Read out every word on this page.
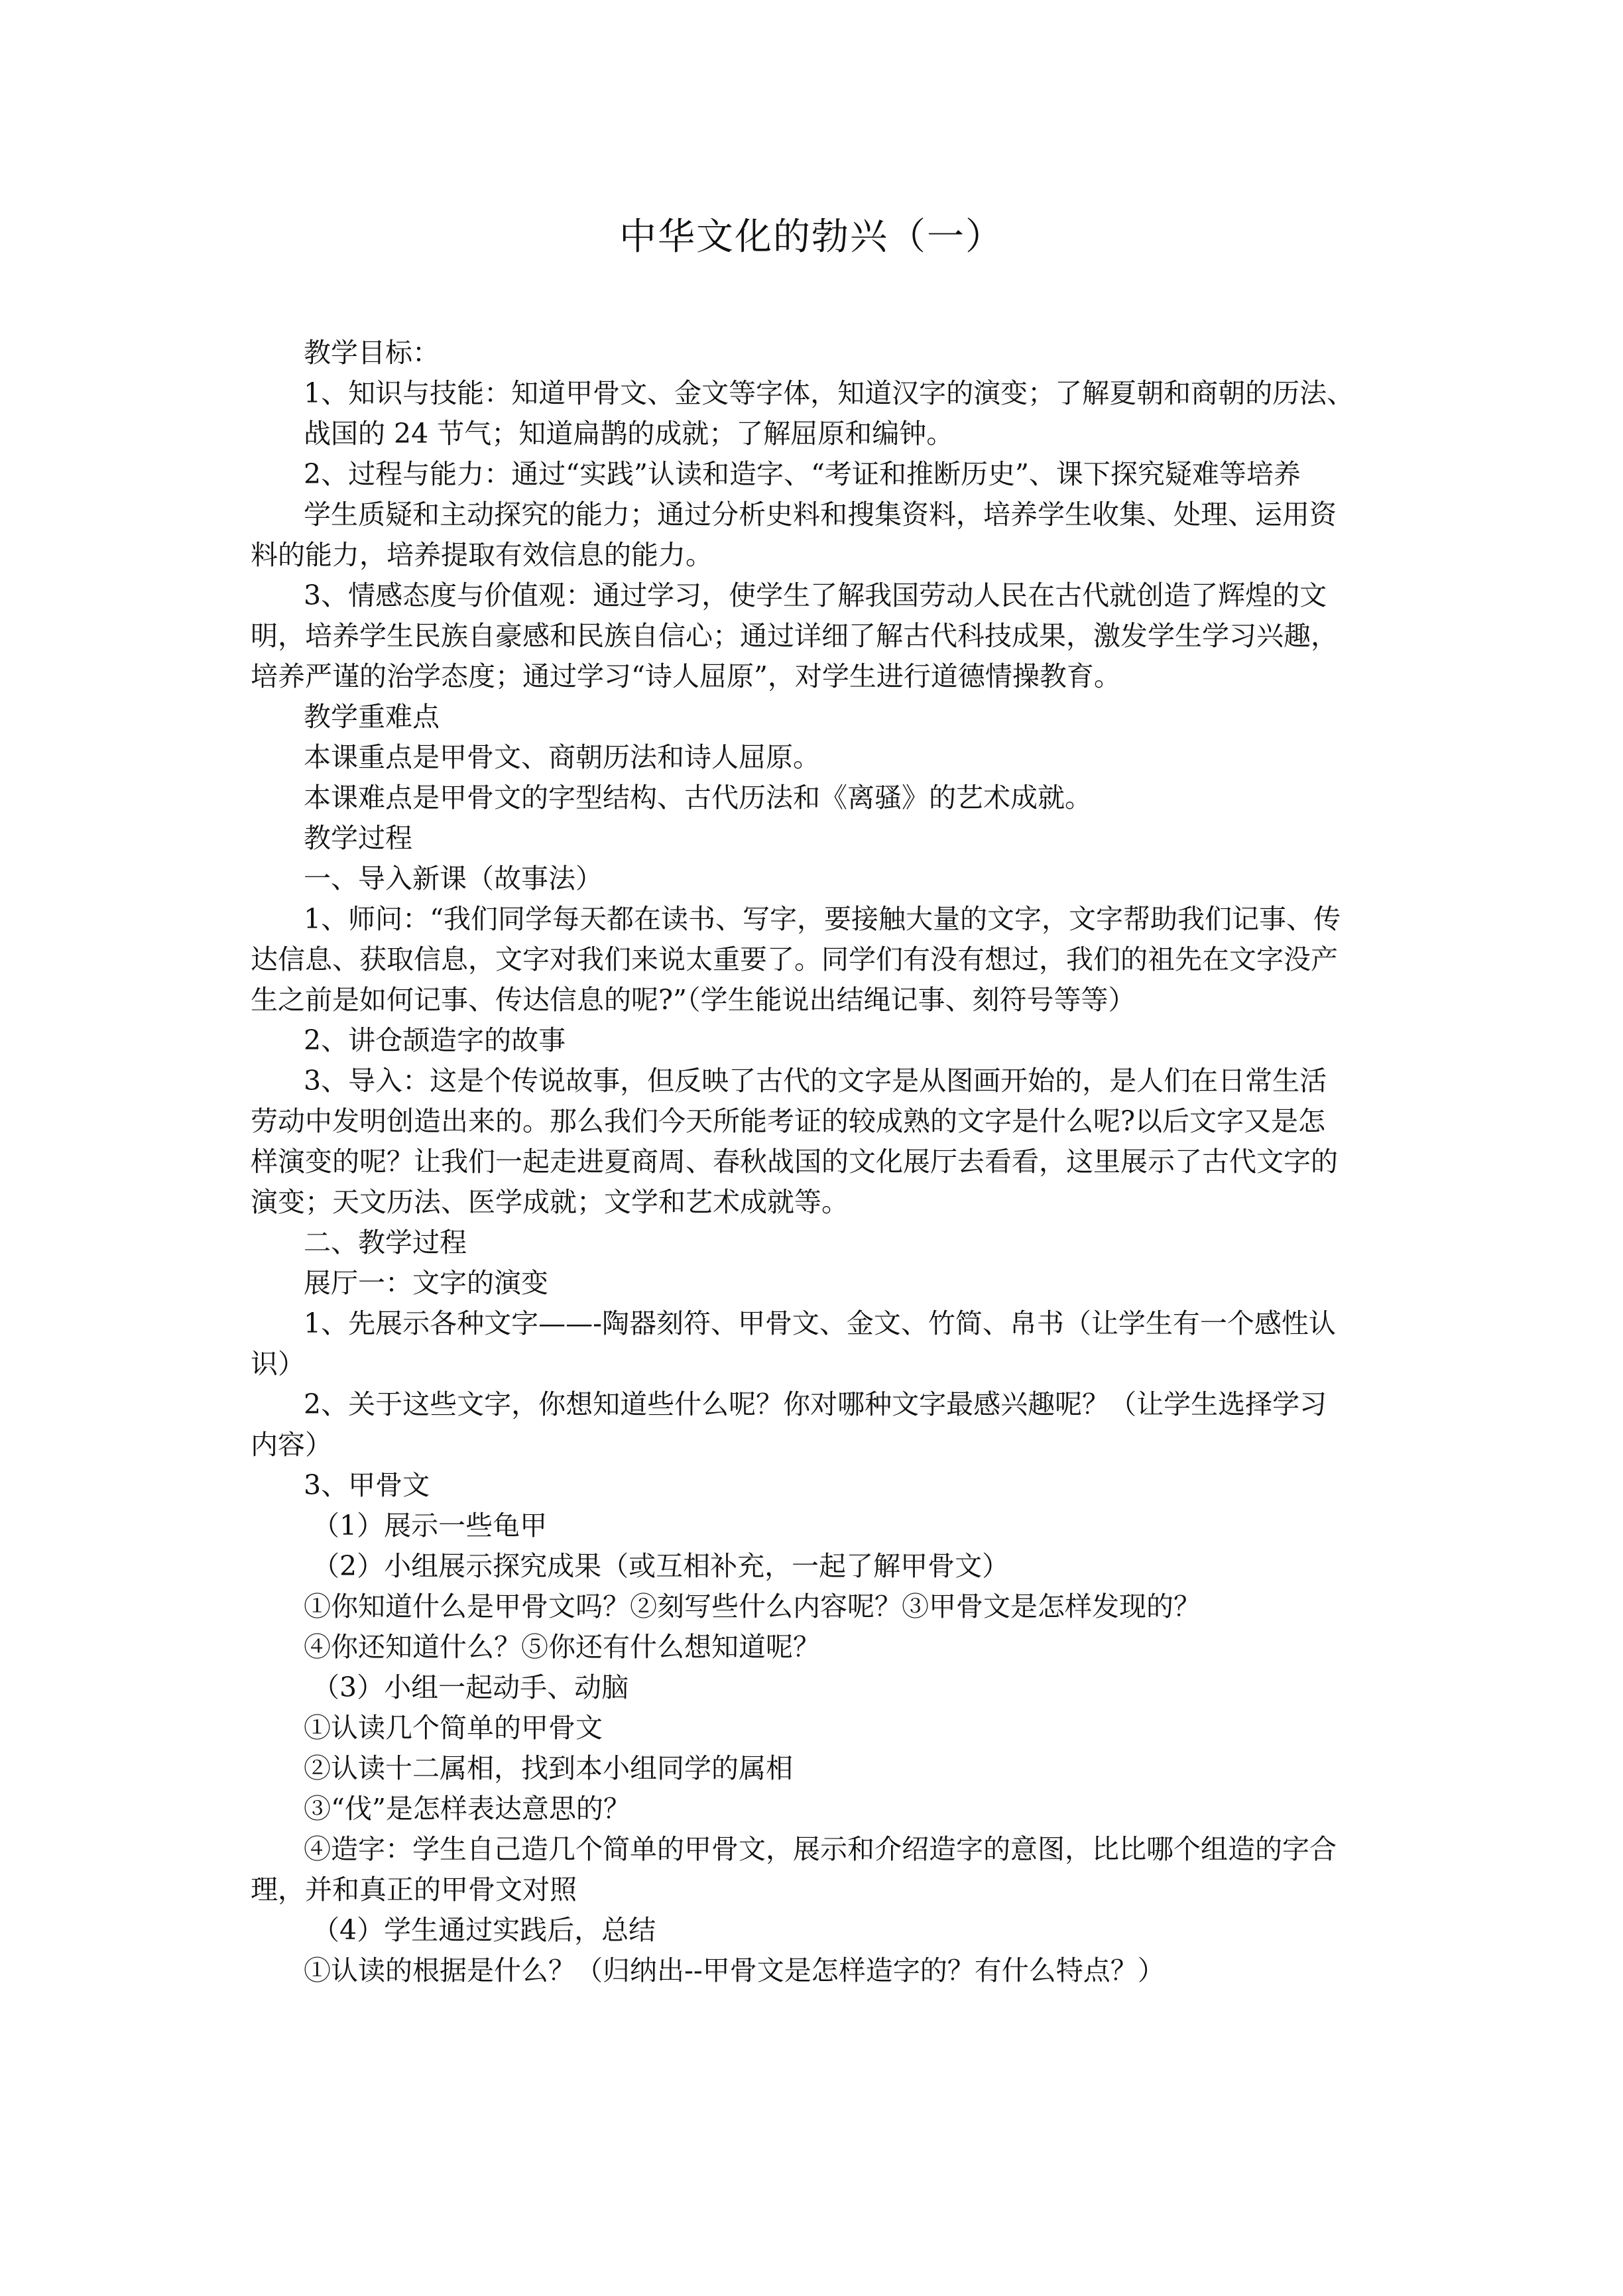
中华文化的勃兴（一）
教学目标：
1、知识与技能：知道甲骨文、金文等字体，知道汉字的演变；了解夏朝和商朝的历法、
战国的 24 节气；知道扁鹊的成就；了解屈原和编钟。
2、过程与能力：通过“实践”认读和造字、“考证和推断历史”、课下探究疑难等培养
学生质疑和主动探究的能力；通过分析史料和搜集资料，培养学生收集、处理、运用资
料的能力，培养提取有效信息的能力。
3、情感态度与价值观：通过学习，使学生了解我国劳动人民在古代就创造了辉煌的文
明，培养学生民族自豪感和民族自信心；通过详细了解古代科技成果，激发学生学习兴趣，
培养严谨的治学态度；通过学习“诗人屈原”，对学生进行道德情操教育。
教学重难点
本课重点是甲骨文、商朝历法和诗人屈原。
本课难点是甲骨文的字型结构、古代历法和《离骚》的艺术成就。
教学过程
一、导入新课（故事法）
1、师问：“我们同学每天都在读书、写字，要接触大量的文字，文字帮助我们记事、传
达信息、获取信息，文字对我们来说太重要了。同学们有没有想过，我们的祖先在文字没产
生之前是如何记事、传达信息的呢?”（学生能说出结绳记事、刻符号等等）
2、讲仓颉造字的故事
3、导入：这是个传说故事，但反映了古代的文字是从图画开始的，是人们在日常生活
劳动中发明创造出来的。那么我们今天所能考证的较成熟的文字是什么呢?以后文字又是怎
样演变的呢？让我们一起走进夏商周、春秋战国的文化展厅去看看，这里展示了古代文字的
演变；天文历法、医学成就；文学和艺术成就等。
二、教学过程
展厅一：文字的演变
1、先展示各种文字——-陶器刻符、甲骨文、金文、竹简、帛书（让学生有一个感性认
识）
2、关于这些文字，你想知道些什么呢？你对哪种文字最感兴趣呢？（让学生选择学习
内容）
3、甲骨文
（1）展示一些龟甲
（2）小组展示探究成果（或互相补充，一起了解甲骨文）
①你知道什么是甲骨文吗？②刻写些什么内容呢？③甲骨文是怎样发现的？
④你还知道什么？⑤你还有什么想知道呢？
（3）小组一起动手、动脑
①认读几个简单的甲骨文
②认读十二属相，找到本小组同学的属相
③“伐”是怎样表达意思的？
④造字：学生自己造几个简单的甲骨文，展示和介绍造字的意图，比比哪个组造的字合
理，并和真正的甲骨文对照
（4）学生通过实践后，总结
①认读的根据是什么？（归纳出--甲骨文是怎样造字的？有什么特点？）
